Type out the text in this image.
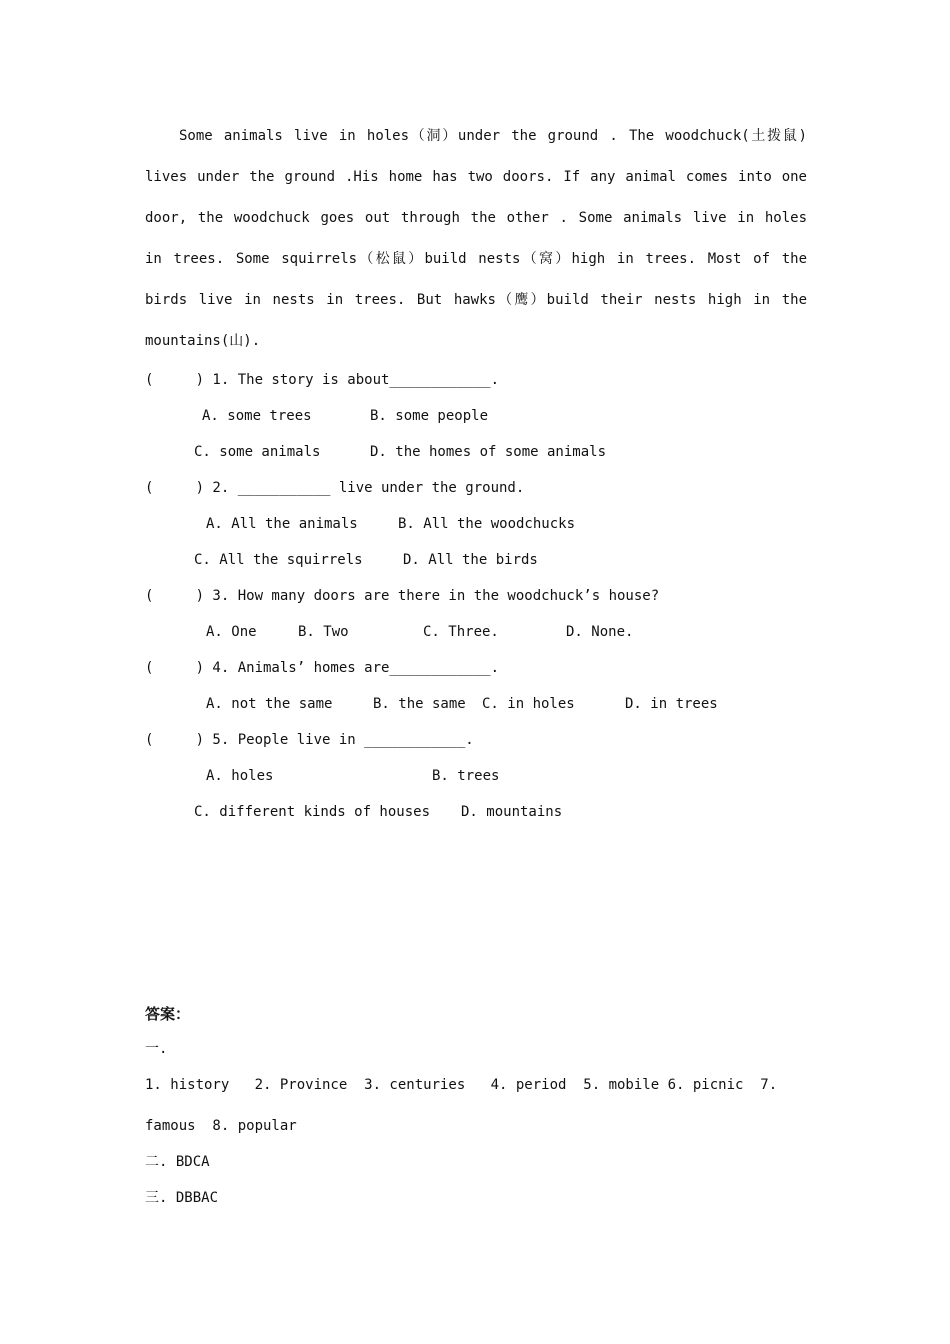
Some animals live in holes（洞）under the ground . The woodchuck(土拨鼠) lives under the ground .His home has two doors. If any animal comes into one door, the woodchuck goes out through the other . Some animals live in holes in trees. Some squirrels（松鼠）build nests（窝）high in trees. Most of the birds live in nests in trees. But hawks（鹰）build their nests high in the mountains(山).

(     ) 1. The story is about____________.
A. some trees	B. some people
C. some animals	D. the homes of some animals
(     ) 2. ___________ live under the ground.
A. All the animals	B. All the woodchucks
C. All the squirrels	D. All the birds
(     ) 3. How many doors are there in the woodchuck’s house?
A. One	B. Two	C. Three.	D. None.
(     ) 4. Animals’ homes are____________.
A. not the same	B. the same C. in holes	D. in trees
(     ) 5. People live in ____________.
A. holes	B. trees
C. different kinds of houses D. mountains
答案：
一.
1. history   2. Province  3. centuries   4. period  5. mobile 6. picnic  7.
famous  8. popular
二. BDCA
三. DBBAC
